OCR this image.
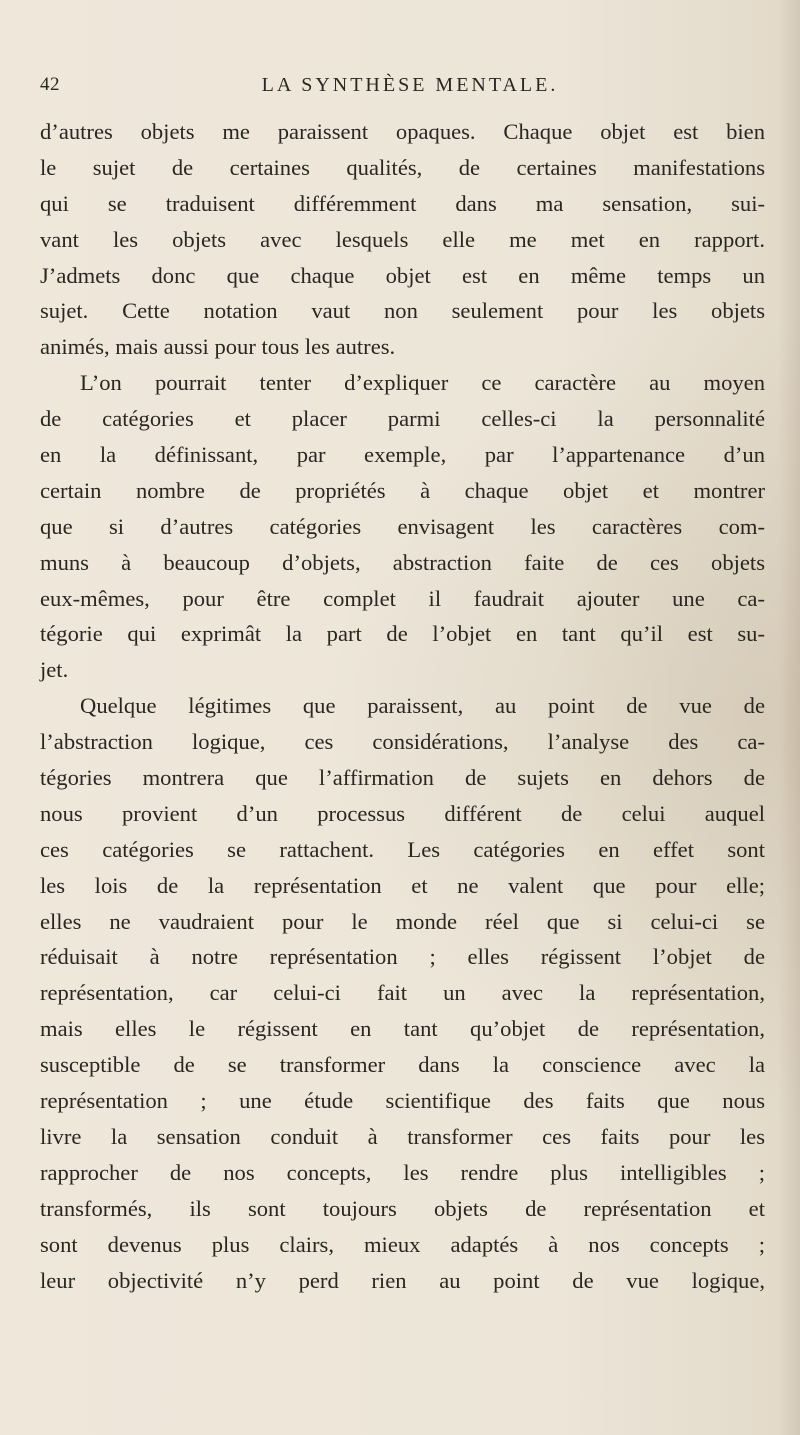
42	LA SYNTHÈSE MENTALE.
d’autres objets me paraissent opaques. Chaque objet est bien
le sujet de certaines qualités, de certaines manifestations
qui se traduisent différemment dans ma sensation, sui-
vant les objets avec lesquels elle me met en rapport.
J’admets donc que chaque objet est en même temps un
sujet. Cette notation vaut non seulement pour les objets
animés, mais aussi pour tous les autres.
L’on pourrait tenter d’expliquer ce caractère au moyen
de catégories et placer parmi celles-ci la personnalité
en la définissant, par exemple, par l’appartenance d’un
certain nombre de propriétés à chaque objet et montrer
que si d’autres catégories envisagent les caractères com-
muns à beaucoup d’objets, abstraction faite de ces objets
eux-mêmes, pour être complet il faudrait ajouter une ca-
tégorie qui exprimât la part de l’objet en tant qu’il est su-
jet.
Quelque légitimes que paraissent, au point de vue de
l’abstraction logique, ces considérations, l’analyse des ca-
tégories montrera que l’affirmation de sujets en dehors de
nous provient d’un processus différent de celui auquel
ces catégories se rattachent. Les catégories en effet sont
les lois de la représentation et ne valent que pour elle;
elles ne vaudraient pour le monde réel que si celui-ci se
réduisait à notre représentation ; elles régissent l’objet de
représentation, car celui-ci fait un avec la représentation,
mais elles le régissent en tant qu’objet de représentation,
susceptible de se transformer dans la conscience avec la
représentation ; une étude scientifique des faits que nous
livre la sensation conduit à transformer ces faits pour les
rapprocher de nos concepts, les rendre plus intelligibles ;
transformés, ils sont toujours objets de représentation et
sont devenus plus clairs, mieux adaptés à nos concepts ;
leur objectivité n’y perd rien au point de vue logique,
